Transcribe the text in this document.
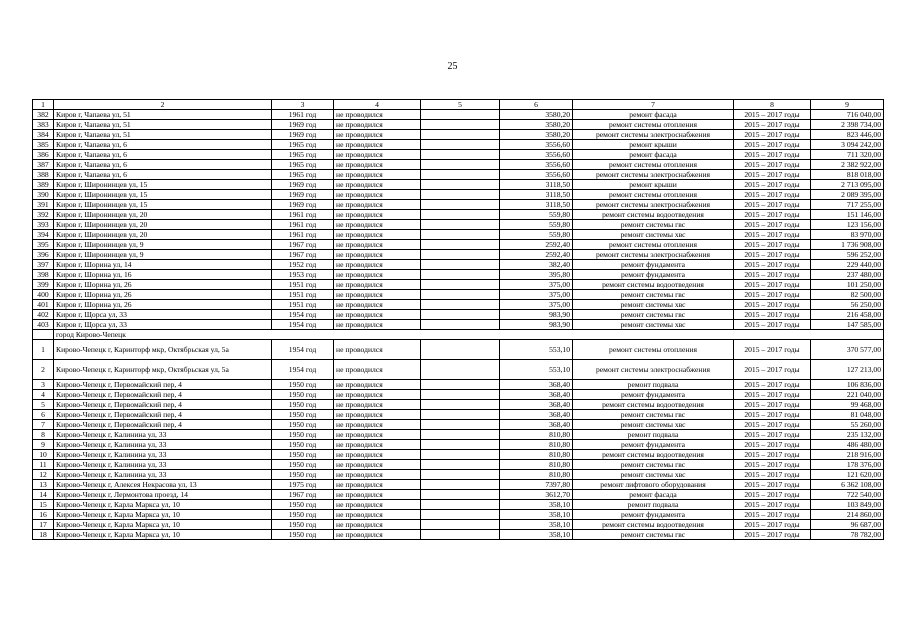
25
1	2	3	4	5	6	7	8	9
382	Киров г, Чапаева ул, 51	1961 год	не проводился		3580,20	ремонт фасада	2015 – 2017 годы	716 040,00
383	Киров г, Чапаева ул, 51	1969 год	не проводился		3580,20	ремонт системы отопления	2015 – 2017 годы	2 398 734,00
384	Киров г, Чапаева ул, 51	1969 год	не проводился		3580,20	ремонт системы электроснабжения	2015 – 2017 годы	823 446,00
385	Киров г, Чапаева ул, 6	1965 год	не проводился		3556,60	ремонт крыши	2015 – 2017 годы	3 094 242,00
386	Киров г, Чапаева ул, 6	1965 год	не проводился		3556,60	ремонт фасада	2015 – 2017 годы	711 320,00
387	Киров г, Чапаева ул, 6	1965 год	не проводился		3556,60	ремонт системы отопления	2015 – 2017 годы	2 382 922,00
388	Киров г, Чапаева ул, 6	1965 год	не проводился		3556,60	ремонт системы электроснабжения	2015 – 2017 годы	818 018,00
389	Киров г, Широнинцев ул, 15	1969 год	не проводился		3118,50	ремонт крыши	2015 – 2017 годы	2 713 095,00
390	Киров г, Широнинцев ул, 15	1969 год	не проводился		3118,50	ремонт системы отопления	2015 – 2017 годы	2 089 395,00
391	Киров г, Широнинцев ул, 15	1969 год	не проводился		3118,50	ремонт системы электроснабжения	2015 – 2017 годы	717 255,00
392	Киров г, Широнинцев ул, 20	1961 год	не проводился		559,80	ремонт системы водоотведения	2015 – 2017 годы	151 146,00
393	Киров г, Широнинцев ул, 20	1961 год	не проводился		559,80	ремонт системы гвс	2015 – 2017 годы	123 156,00
394	Киров г, Широнинцев ул, 20	1961 год	не проводился		559,80	ремонт системы хвс	2015 – 2017 годы	83 970,00
395	Киров г, Широнинцев ул, 9	1967 год	не проводился		2592,40	ремонт системы отопления	2015 – 2017 годы	1 736 908,00
396	Киров г, Широнинцев ул, 9	1967 год	не проводился		2592,40	ремонт системы электроснабжения	2015 – 2017 годы	596 252,00
397	Киров г, Шорина ул, 14	1952 год	не проводился		382,40	ремонт фундамента	2015 – 2017 годы	229 440,00
398	Киров г, Шорина ул, 16	1953 год	не проводился		395,80	ремонт фундамента	2015 – 2017 годы	237 480,00
399	Киров г, Шорина ул, 26	1951 год	не проводился		375,00	ремонт системы водоотведения	2015 – 2017 годы	101 250,00
400	Киров г, Шорина ул, 26	1951 год	не проводился		375,00	ремонт системы гвс	2015 – 2017 годы	82 500,00
401	Киров г, Шорина ул, 26	1951 год	не проводился		375,00	ремонт системы хвс	2015 – 2017 годы	56 250,00
402	Киров г, Щорса ул, 33	1954 год	не проводился		983,90	ремонт системы гвс	2015 – 2017 годы	216 458,00
403	Киров г, Щорса ул, 33	1954 год	не проводился		983,90	ремонт системы хвс	2015 – 2017 годы	147 585,00
	город Кирово-Чепецк							
1	Кирово-Чепецк г, Каринторф мкр, Октябрьская ул, 5а	1954 год	не проводился		553,10	ремонт системы отопления	2015 – 2017 годы	370 577,00
2	Кирово-Чепецк г, Каринторф мкр, Октябрьская ул, 5а	1954 год	не проводился		553,10	ремонт системы электроснабжения	2015 – 2017 годы	127 213,00
3	Кирово-Чепецк г, Первомайский пер, 4	1950 год	не проводился		368,40	ремонт подвала	2015 – 2017 годы	106 836,00
4	Кирово-Чепецк г, Первомайский пер, 4	1950 год	не проводился		368,40	ремонт фундамента	2015 – 2017 годы	221 040,00
5	Кирово-Чепецк г, Первомайский пер, 4	1950 год	не проводился		368,40	ремонт системы водоотведения	2015 – 2017 годы	99 468,00
6	Кирово-Чепецк г, Первомайский пер, 4	1950 год	не проводился		368,40	ремонт системы гвс	2015 – 2017 годы	81 048,00
7	Кирово-Чепецк г, Первомайский пер, 4	1950 год	не проводился		368,40	ремонт системы хвс	2015 – 2017 годы	55 260,00
8	Кирово-Чепецк г, Калинина ул, 33	1950 год	не проводился		810,80	ремонт подвала	2015 – 2017 годы	235 132,00
9	Кирово-Чепецк г, Калинина ул, 33	1950 год	не проводился		810,80	ремонт фундамента	2015 – 2017 годы	486 480,00
10	Кирово-Чепецк г, Калинина ул, 33	1950 год	не проводился		810,80	ремонт системы водоотведения	2015 – 2017 годы	218 916,00
11	Кирово-Чепецк г, Калинина ул, 33	1950 год	не проводился		810,80	ремонт системы гвс	2015 – 2017 годы	178 376,00
12	Кирово-Чепецк г, Калинина ул, 33	1950 год	не проводился		810,80	ремонт системы хвс	2015 – 2017 годы	121 620,00
13	Кирово-Чепецк г, Алексея Некрасова ул, 13	1975 год	не проводился		7397,80	ремонт лифтового оборудования	2015 – 2017 годы	6 362 108,00
14	Кирово-Чепецк г, Лермонтова проезд, 14	1967 год	не проводился		3612,70	ремонт фасада	2015 – 2017 годы	722 540,00
15	Кирово-Чепецк г, Карла Маркса ул, 10	1950 год	не проводился		358,10	ремонт подвала	2015 – 2017 годы	103 849,00
16	Кирово-Чепецк г, Карла Маркса ул, 10	1950 год	не проводился		358,10	ремонт фундамента	2015 – 2017 годы	214 860,00
17	Кирово-Чепецк г, Карла Маркса ул, 10	1950 год	не проводился		358,10	ремонт системы водоотведения	2015 – 2017 годы	96 687,00
18	Кирово-Чепецк г, Карла Маркса ул, 10	1950 год	не проводился		358,10	ремонт системы гвс	2015 – 2017 годы	78 782,00
